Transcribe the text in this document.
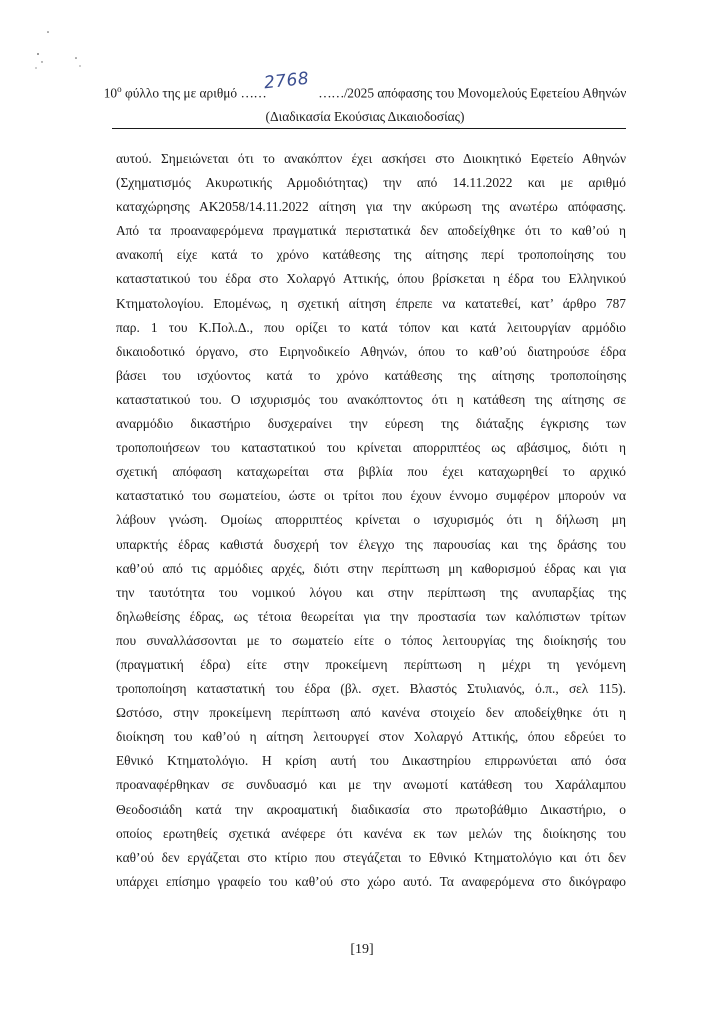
$10^o$ φύλλο της με αριθμό ……
2768 ……/2025 απόφασης του Μονομελούς Εφετείου Αθηνών
(Διαδικασία Εκούσιας Δικαιοδοσίας)
αυτού. Σημειώνεται ότι το ανακόπτον έχει ασκήσει στο Διοικητικό Εφετείο Αθηνών
(Σχηματισμός Ακυρωτικής Αρμοδιότητας) την από 14.11.2022 και με αριθμό
καταχώρησης ΑΚ2058/14.11.2022 αίτηση για την ακύρωση της ανωτέρω απόφασης.
Από τα προαναφερόμενα πραγματικά περιστατικά δεν αποδείχθηκε ότι το καθ’ού η
ανακοπή είχε κατά το χρόνο κατάθεσης της αίτησης περί τροποποίησης του
καταστατικού του έδρα στο Χολαργό Αττικής, όπου βρίσκεται η έδρα του Ελληνικού
Κτηματολογίου. Επομένως, η σχετική αίτηση έπρεπε να κατατεθεί, κατ’ άρθρο 787
παρ. 1 του Κ.Πολ.Δ., που ορίζει το κατά τόπον και κατά λειτουργίαν αρμόδιο
δικαιοδοτικό όργανο, στο Ειρηνοδικείο Αθηνών, όπου το καθ’ού διατηρούσε έδρα
βάσει του ισχύοντος κατά το χρόνο κατάθεσης της αίτησης τροποποίησης
καταστατικού του. Ο ισχυρισμός του ανακόπτοντος ότι η κατάθεση της αίτησης σε
αναρμόδιο δικαστήριο δυσχεραίνει την εύρεση της διάταξης έγκρισης των
τροποποιήσεων του καταστατικού του κρίνεται απορριπτέος ως αβάσιμος, διότι η
σχετική απόφαση καταχωρείται στα βιβλία που έχει καταχωρηθεί το αρχικό
καταστατικό του σωματείου, ώστε οι τρίτοι που έχουν έννομο συμφέρον μπορούν να
λάβουν γνώση. Ομοίως απορριπτέος κρίνεται ο ισχυρισμός ότι η δήλωση μη
υπαρκτής έδρας καθιστά δυσχερή τον έλεγχο της παρουσίας και της δράσης του
καθ’ού από τις αρμόδιες αρχές, διότι στην περίπτωση μη καθορισμού έδρας και για
την ταυτότητα του νομικού λόγου και στην περίπτωση της ανυπαρξίας της
δηλωθείσης έδρας, ως τέτοια θεωρείται για την προστασία των καλόπιστων τρίτων
που συναλλάσσονται με το σωματείο είτε ο τόπος λειτουργίας της διοίκησής του
(πραγματική έδρα) είτε στην προκείμενη περίπτωση η μέχρι τη γενόμενη
τροποποίηση καταστατική του έδρα (βλ. σχετ. Βλαστός Στυλιανός, ό.π., σελ 115).
Ωστόσο, στην προκείμενη περίπτωση από κανένα στοιχείο δεν αποδείχθηκε ότι η
διοίκηση του καθ’ού η αίτηση λειτουργεί στον Χολαργό Αττικής, όπου εδρεύει το
Εθνικό Κτηματολόγιο. Η κρίση αυτή του Δικαστηρίου επιρρωνύεται από όσα
προαναφέρθηκαν σε συνδυασμό και με την ανωμοτί κατάθεση του Χαράλαμπου
Θεοδοσιάδη κατά την ακροαματική διαδικασία στο πρωτοβάθμιο Δικαστήριο, ο
οποίος ερωτηθείς σχετικά ανέφερε ότι κανένα εκ των μελών της διοίκησης του
καθ’ού δεν εργάζεται στο κτίριο που στεγάζεται το Εθνικό Κτηματολόγιο και ότι δεν
υπάρχει επίσημο γραφείο του καθ’ού στο χώρο αυτό. Τα αναφερόμενα στο δικόγραφο
[19]
